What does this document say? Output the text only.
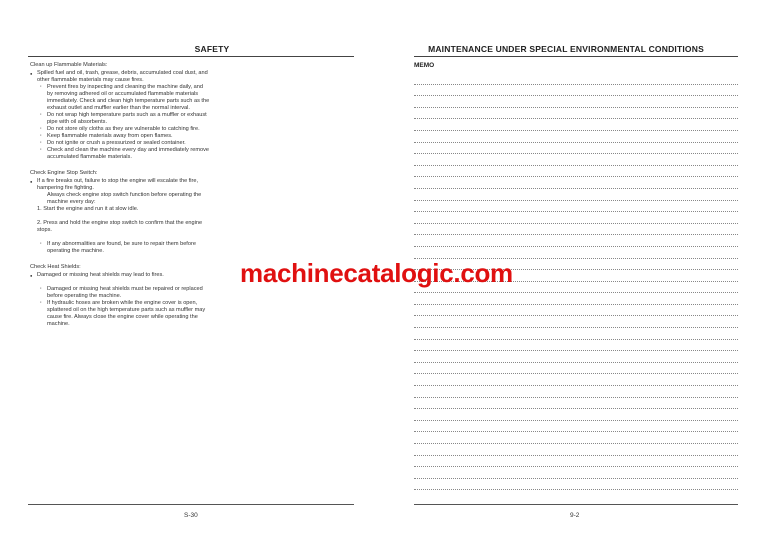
SAFETY
Clean up Flammable Materials:
● Spilled fuel and oil, trash, grease, debris, accumulated coal dust, and other flammable materials may cause fires.
· Prevent fires by inspecting and cleaning the machine daily, and by removing adhered oil or accumulated flammable materials immediately. Check and clean high temperature parts such as the exhaust outlet and muffler earlier than the normal interval.
· Do not wrap high temperature parts such as a muffler or exhaust pipe with oil absorbents.
· Do not store oily cloths as they are vulnerable to catching fire.
· Keep flammable materials away from open flames.
· Do not ignite or crush a pressurized or sealed container.
· Check and clean the machine every day and immediately remove accumulated flammable materials.
Check Engine Stop Switch:
● If a fire breaks out, failure to stop the engine will escalate the fire, hampering fire fighting.
Always check engine stop switch function before operating the machine every day:
1. Start the engine and run it at slow idle.
2. Press and hold the engine stop switch to confirm that the engine stops.
· If any abnormalities are found, be sure to repair them before operating the machine.
Check Heat Shields:
● Damaged or missing heat shields may lead to fires.
· Damaged or missing heat shields must be repaired or replaced before operating the machine.
· If hydraulic hoses are broken while the engine cover is open, splattered oil on the high temperature parts such as muffler may cause fire. Always close the engine cover while operating the machine.
S-30
MAINTENANCE UNDER SPECIAL ENVIRONMENTAL CONDITIONS
MEMO
9-2
machinecatalogic.com
